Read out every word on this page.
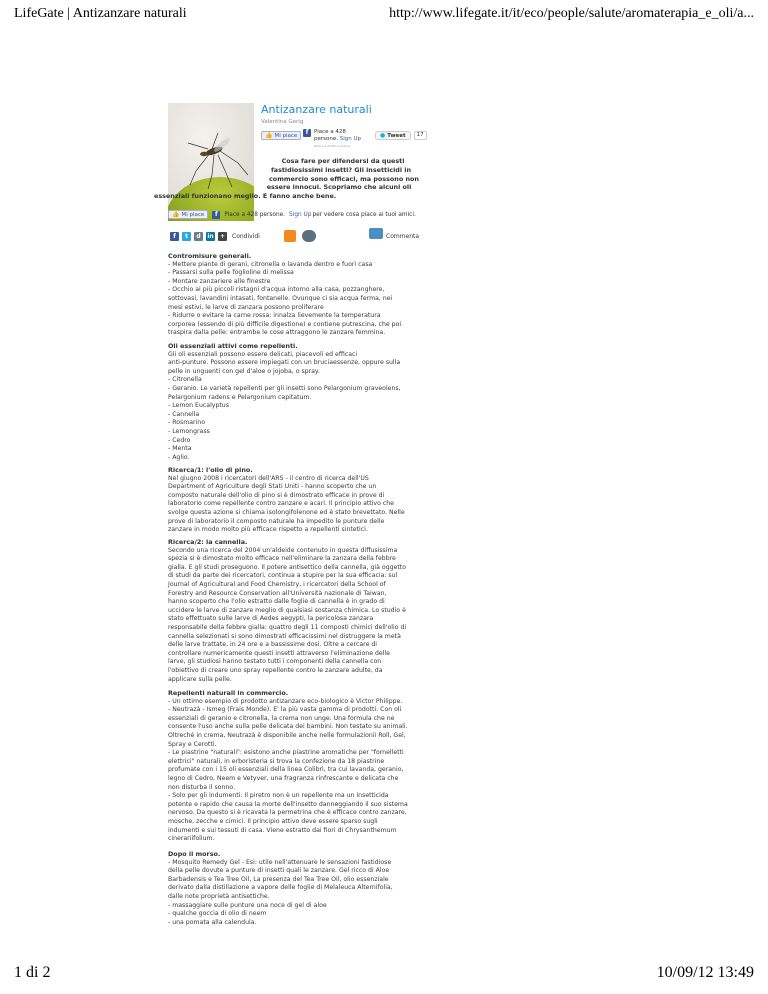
LifeGate | Antizanzare naturali	http://www.lifegate.it/it/eco/people/salute/aromaterapia_e_oli/a...
Antizanzare naturali
Valentina Gerig
👍 Mi piace	f	Piace a 428
persone. Sign Up
Note sul diritto d'autore
● Tweet	17
Cosa fare per difendersi da questi
fastidiosissimi insetti? Gli insetticidi in
commercio sono efficaci, ma possono non
essere innocui. Scopriamo che alcuni oli
essenziali funzionano meglio. E fanno anche bene.
👍 Mi piace	f	Piace a 428 persone. Sign Up per vedere cosa piace ai tuoi amici.
f	t	d	in	+	Condividi	Commenta
Contromisure generali.

- Mettere piante di gerani, citronella o lavanda dentro e fuori casa

- Passarsi sulla pelle foglioline di melissa

- Montare zanzariere alle finestre

- Occhio ai più piccoli ristagni d'acqua intorno alla casa, pozzanghere,

sottovasi, lavandini intasati, fontanelle. Ovunque ci sia acqua ferma, nei

mesi estivi, le larve di zanzara possono proliferare

- Ridurre o evitare la carne rossa: innalza lievemente la temperatura

corporea (essendo di più difficile digestione) e contiene putrescina, che poi

traspira dalla pelle: entrambe le cose attraggono le zanzare femmina.

Oli essenziali attivi come repellenti.

Gli oli essenziali possono essere delicati, piacevoli ed efficaci

anti-punture. Possono essere impiegati con un bruciaessenze, oppure sulla

pelle in unguenti con gel d'aloe o jojoba, o spray.

- Citronella

- Geranio. Le varietà repellenti per gli insetti sono Pelargonium graveolens,

Pelargonium radens e Pelargonium capitatum.

- Lemon Eucalyptus

- Cannella

- Rosmarino

- Lemongrass

- Cedro

- Menta

- Aglio.

Ricerca/1: l'olio di pino.

Nel giugno 2008 i ricercatori dell'ARS - il centro di ricerca dell'US

Department of Agriculture degli Stati Uniti - hanno scoperto che un

composto naturale dell'olio di pino si è dimostrato efficace in prove di

laboratorio come repellente contro zanzare e acari. Il principio attivo che

svolge questa azione si chiama isolongifolenone ed è stato brevettato. Nelle

prove di laboratorio il composto naturale ha impedito le punture delle

zanzare in modo molto più efficace rispetto a repellenti sintetici.

Ricerca/2: la cannella.

Secondo una ricerca del 2004 un'aldeide contenuto in questa diffusissima

spezia si è dimostato molto efficace nell'eliminare la zanzara della febbre

gialla. E gli studi proseguono. Il potere antisettico della cannella, già oggetto

di studi da parte dei ricercatori, continua a stupire per la sua efficacia: sul

Journal of Agricultural and Food Chemistry, i ricercatori della School of

Forestry and Resource Conservation all'Università nazionale di Taiwan,

hanno scoperto che l'olio estratto dalle foglie di cannella è in grado di

uccidere le larve di zanzare meglio di qualsiasi sostanza chimica. Lo studio è

stato effettuato sulle larve di Aedes aegypti, la pericolosa zanzara

responsabile della febbre gialla: quattro degli 11 composti chimici dell'olio di

cannella selezionati si sono dimostrati efficacissimi nel distruggere la metà

delle larve trattate, in 24 ore e a bassissime dosi. Oltre a cercare di

controllare numericamente questi insetti attraverso l'eliminazione delle

larve, gli studiosi hanno testato tutti i componenti della cannella con

l'obiettivo di creare uno spray repellente contro le zanzare adulte, da

applicare sulla pelle.

Repellenti naturali in commercio.

- Un ottimo esempio di prodotto antizanzare eco-biologico è Victor Philippe.

- Neutrazà - Ismeg (Frais Monde). E' la più vasta gamma di prodotti. Con oli

essenziali di geranio e citronella, la crema non unge. Una formula che ne

consente l'uso anche sulla pelle delicata dei bambini. Non testato su animali.

Oltreché in crema, Neutrazà è disponibile anche nelle formulazionii Roll, Gel,

Spray e Cerotti.

- Le piastrine "naturali": esistono anche piastrine aromatiche per "fornelletti

elettrici" naturali, in erboristeria si trova la confezione da 18 piastrine

profumate con i 15 oli essenziali della linea Colibrì, tra cui lavanda, geranio,

legno di Cedro, Neem e Vetyver, una fragranza rinfrescante e delicata che

non disturba il sonno.

- Solo per gli indumenti: Il piretro non è un repellente ma un insetticida

potente e rapido che causa la morte dell'insetto danneggiando il suo sistema

nervoso. Da questo si è ricavata la permetrina che è efficace contro zanzare,

mosche, zecche e cimici. Il principio attivo deve essere sparso sugli

indumenti e sui tessuti di casa. Viene estratto dai fiori di Chrysanthemum

cinerariifolium.

Dopo il morso.

- Mosquito Remedy Gel - Esi: utile nell'attenuare le sensazioni fastidiose

della pelle dovute a punture di insetti quali le zanzare. Gel ricco di Aloe

Barbadensis e Tea Tree Oil, La presenza del Tea Tree Oil, olio essenziale

derivato dalla distillazione a vapore delle foglie di Melaleuca Alternifolia,

dalle note proprietà antisettiche.

- massaggiare sulle punture una noce di gel di aloe

- qualche goccia di olio di neem

- una pomata alla calendula.

1 di 2	10/09/12 13:49
